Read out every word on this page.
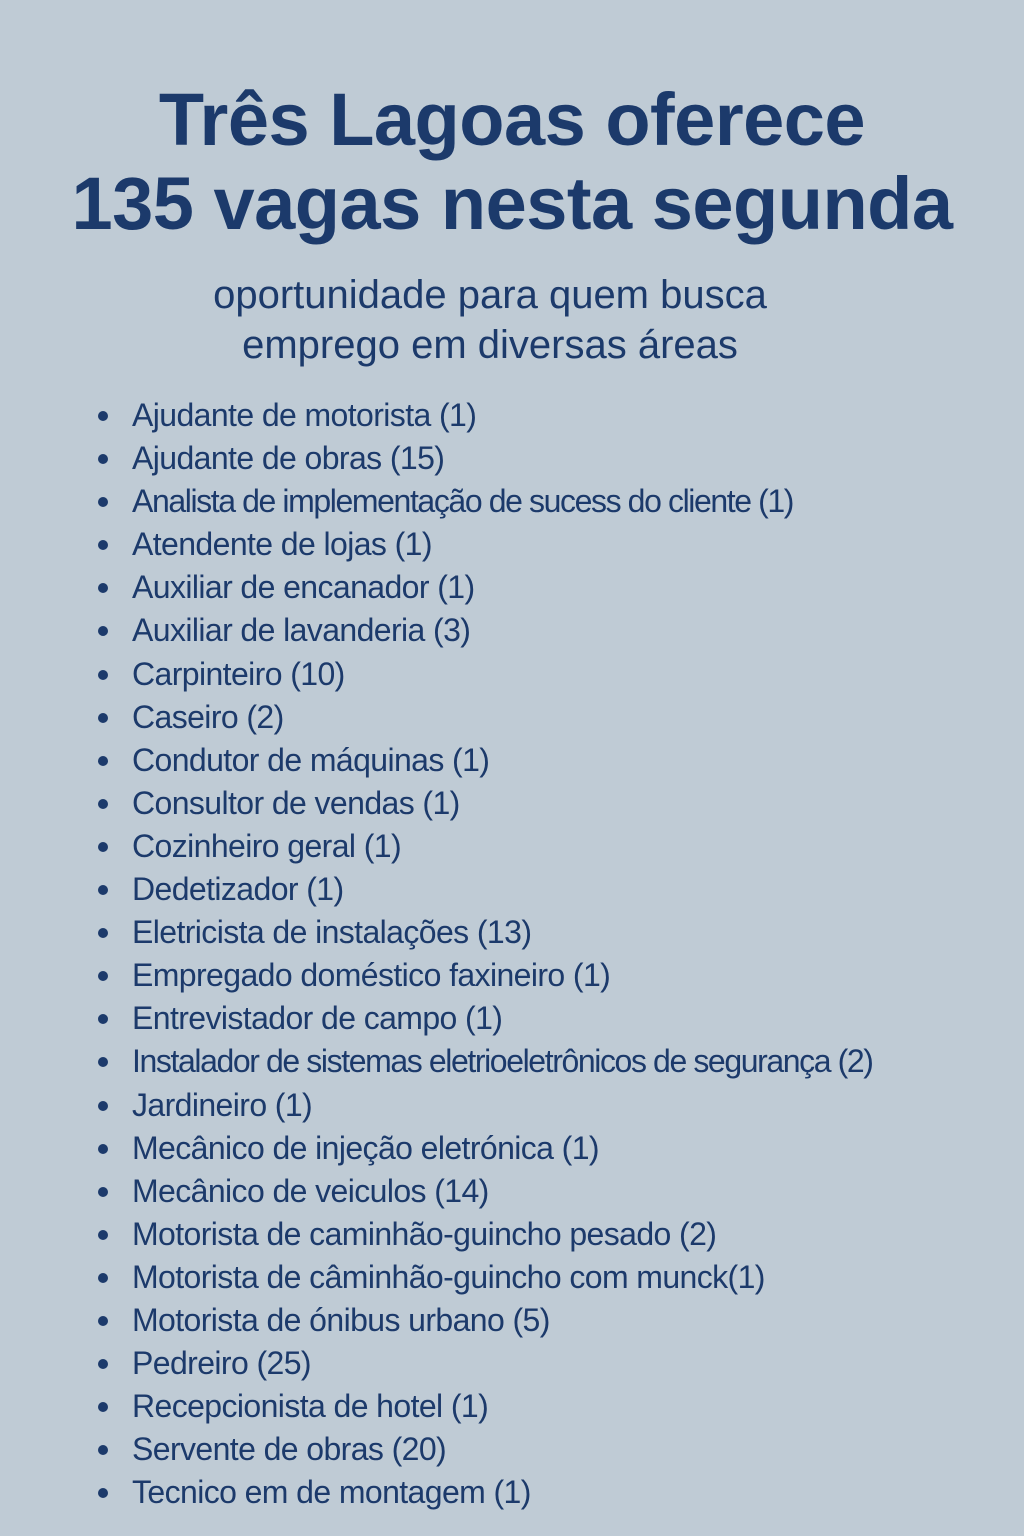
Três Lagoas oferece
135 vagas nesta segunda
oportunidade para quem busca
emprego em diversas áreas
Ajudante de motorista (1)
Ajudante de obras (15)
Analista de implementação de sucess do cliente (1)
Atendente de lojas (1)
Auxiliar de encanador (1)
Auxiliar de lavanderia (3)
Carpinteiro (10)
Caseiro (2)
Condutor de máquinas (1)
Consultor de vendas (1)
Cozinheiro geral (1)
Dedetizador (1)
Eletricista de instalações (13)
Empregado doméstico faxineiro (1)
Entrevistador de campo (1)
Instalador de sistemas eletrioeletrônicos de segurança (2)
Jardineiro (1)
Mecânico de injeção eletrónica (1)
Mecânico de veiculos (14)
Motorista de caminhão-guincho pesado (2)
Motorista de câminhão-guincho com munck(1)
Motorista de ónibus urbano (5)
Pedreiro (25)
Recepcionista de hotel (1)
Servente de obras (20)
Tecnico em de montagem (1)
